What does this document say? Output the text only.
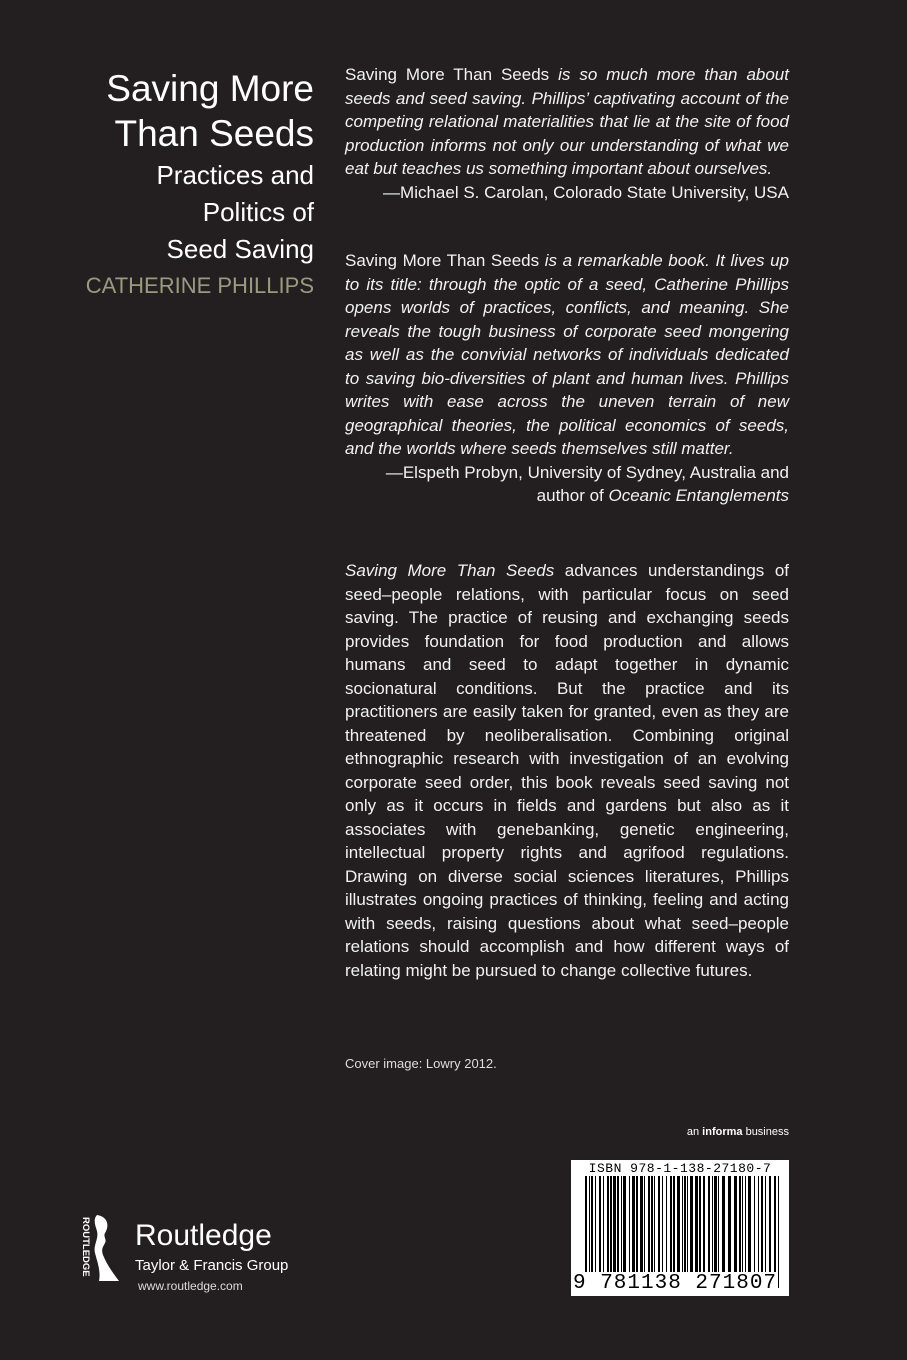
Saving More
Than Seeds
Practices and
Politics of
Seed Saving
CATHERINE PHILLIPS
Saving More Than Seeds is so much more than about seeds and seed saving. Phillips’ captivating account of the competing relational materialities that lie at the site of food production informs not only our understanding of what we eat but teaches us something important about ourselves.
—Michael S. Carolan, Colorado State University, USA
Saving More Than Seeds is a remarkable book. It lives up to its title: through the optic of a seed, Catherine Phillips opens worlds of practices, conflicts, and meaning. She reveals the tough business of corporate seed mongering as well as the convivial networks of individuals dedicated to saving bio-diversities of plant and human lives. Phillips writes with ease across the uneven terrain of new geographical theories, the political economics of seeds, and the worlds where seeds themselves still matter.
—Elspeth Probyn, University of Sydney, Australia and author of Oceanic Entanglements
Saving More Than Seeds advances understandings of seed–people relations, with particular focus on seed saving. The practice of reusing and exchanging seeds provides foundation for food production and allows humans and seed to adapt together in dynamic socionatural conditions. But the practice and its practitioners are easily taken for granted, even as they are threatened by neoliberalisation. Combining original ethnographic research with investigation of an evolving corporate seed order, this book reveals seed saving not only as it occurs in fields and gardens but also as it associates with genebanking, genetic engineering, intellectual property rights and agrifood regulations. Drawing on diverse social sciences literatures, Phillips illustrates ongoing practices of thinking, feeling and acting with seeds, raising questions about what seed–people relations should accomplish and how different ways of relating might be pursued to change collective futures.
Cover image: Lowry 2012.
an informa business
ISBN 978-1-138-27180-7
9 781138 271807
ROUTLEDGE Routledge
Taylor & Francis Group
www.routledge.com
